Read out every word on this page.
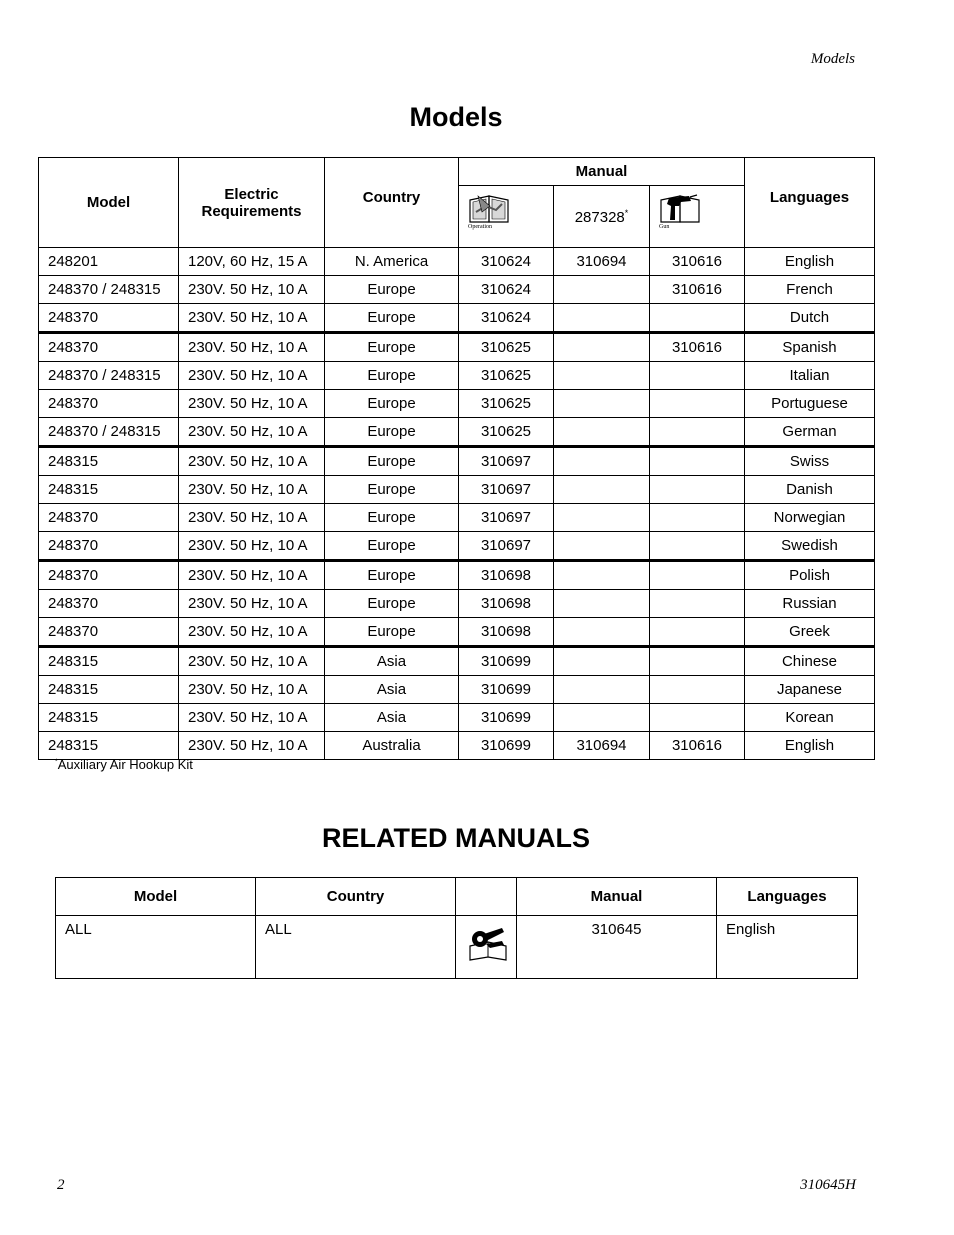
Models
Models
Model	Electric Requirements	Country	Manual			Languages

			Operation	287328*	Gun	

248201	120V, 60 Hz, 15 A	N. America	310624	310694	310616	English
248370 / 248315	230V. 50 Hz, 10 A	Europe	310624		310616	French
248370	230V. 50 Hz, 10 A	Europe	310624			Dutch
248370	230V. 50 Hz, 10 A	Europe	310625		310616	Spanish
248370 / 248315	230V. 50 Hz, 10 A	Europe	310625			Italian
248370	230V. 50 Hz, 10 A	Europe	310625			Portuguese
248370 / 248315	230V. 50 Hz, 10 A	Europe	310625			German
248315	230V. 50 Hz, 10 A	Europe	310697			Swiss
248315	230V. 50 Hz, 10 A	Europe	310697			Danish
248370	230V. 50 Hz, 10 A	Europe	310697			Norwegian
248370	230V. 50 Hz, 10 A	Europe	310697			Swedish
248370	230V. 50 Hz, 10 A	Europe	310698			Polish
248370	230V. 50 Hz, 10 A	Europe	310698			Russian
248370	230V. 50 Hz, 10 A	Europe	310698			Greek
248315	230V. 50 Hz, 10 A	Asia	310699			Chinese
248315	230V. 50 Hz, 10 A	Asia	310699			Japanese
248315	230V. 50 Hz, 10 A	Asia	310699			Korean
248315	230V. 50 Hz, 10 A	Australia	310699	310694	310616	English
*Auxiliary Air Hookup Kit
RELATED MANUALS
Model	Country		Manual	Languages
ALL	ALL		310645	English
2	310645H
